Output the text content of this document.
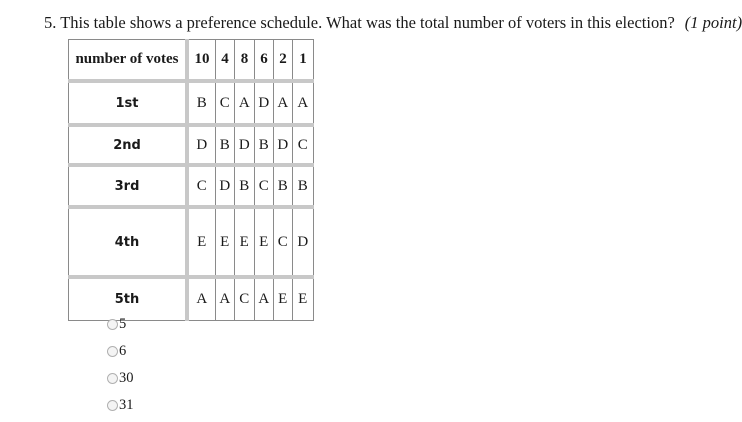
5. This table shows a preference schedule. What was the total number of voters in this election? (1 point)
number of votes	10	4	8	6	2	1
1st	B	C	A	D	A	A
2nd	D	B	D	B	D	C
3rd	C	D	B	C	B	B
4th	E	E	E	E	C	D
5th	A	A	C	A	E	E
5
6
30
31
